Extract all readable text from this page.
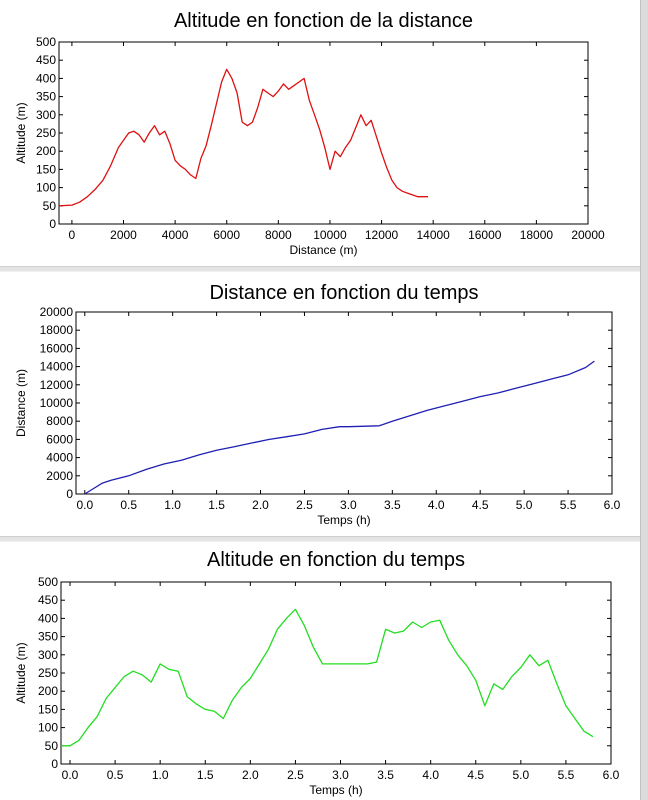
Altitude en fonction de la distance
0
50
100
150
200
250
300
350
400
450
500
0	2000 4000 6000 8000 10000 12000 14000 16000 18000 20000
Distance (m)
Altitude (m)
Distance en fonction du temps
0
2000
4000
6000
8000
10000
12000
14000
16000
18000
20000
0.0 0.5 1.0 1.5 2.0 2.5 3.0 3.5 4.0 4.5 5.0 5.5 6.0
Temps (h)
Distance (m)
Altitude en fonction du temps
0
50
100
150
200
250
300
350
400
450
500
0.0 0.5 1.0 1.5 2.0 2.5 3.0 3.5 4.0 4.5 5.0 5.5 6.0
Temps (h)
Altitude (m)
